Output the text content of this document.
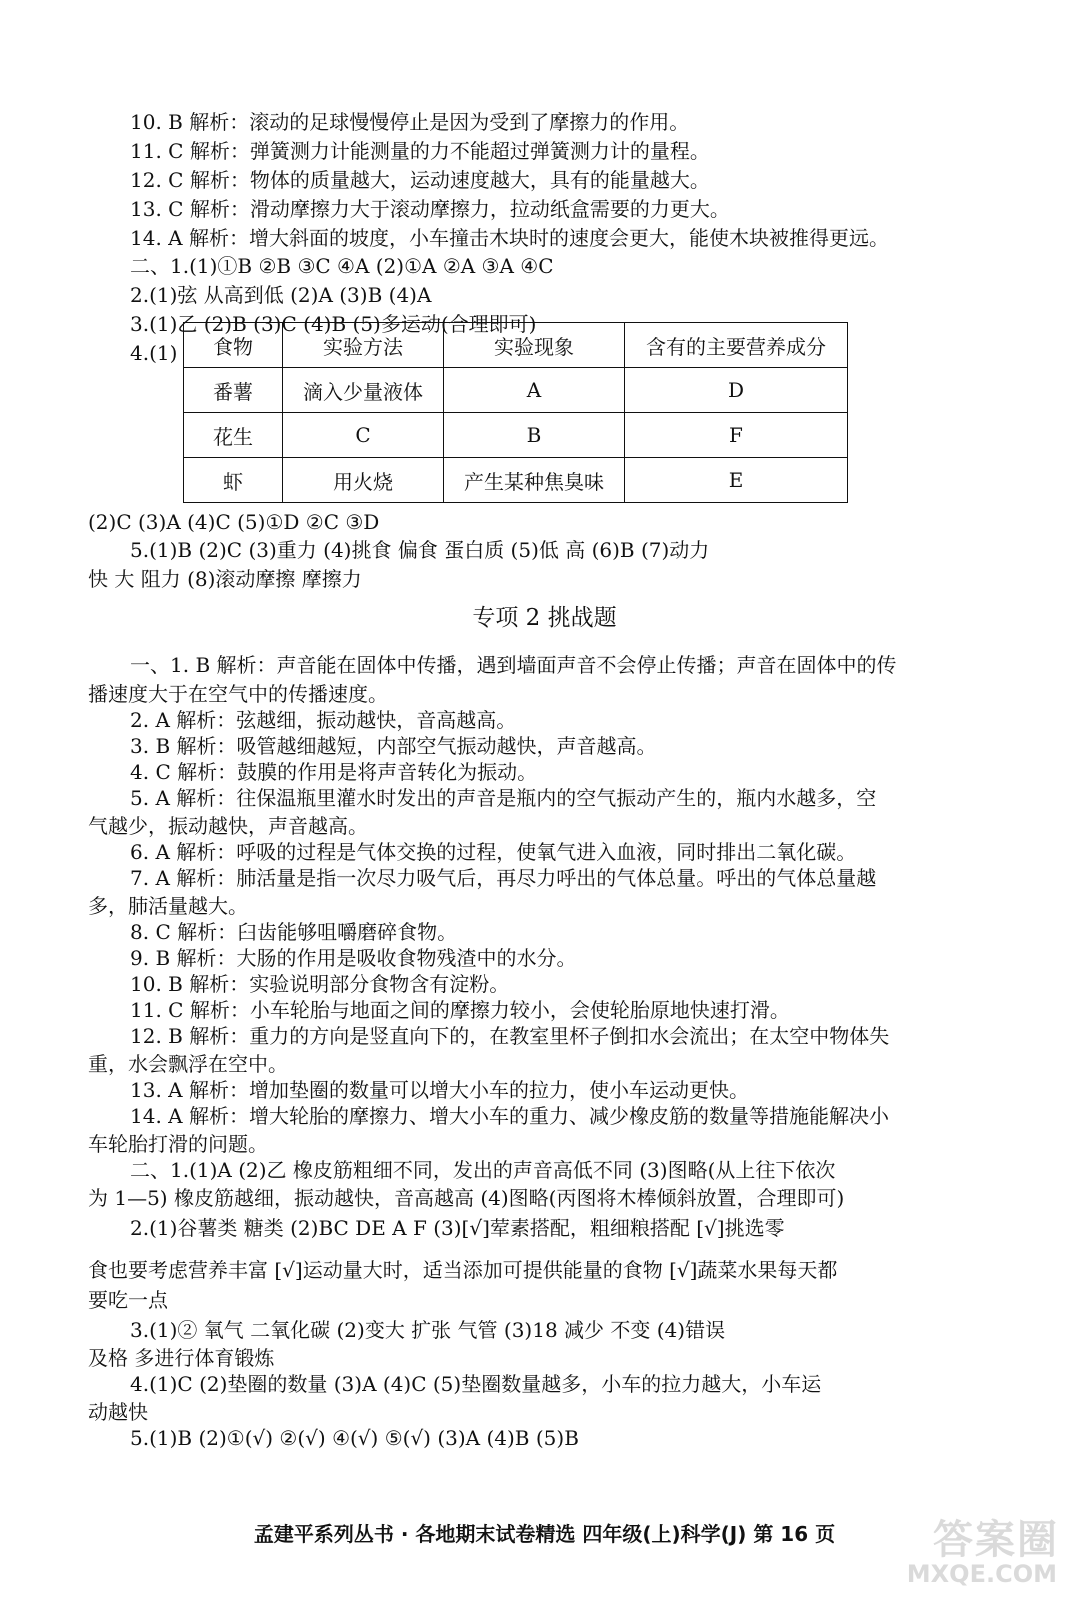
10. B 解析：滚动的足球慢慢停止是因为受到了摩擦力的作用。
11. C 解析：弹簧测力计能测量的力不能超过弹簧测力计的量程。
12. C 解析：物体的质量越大，运动速度越大，具有的能量越大。
13. C 解析：滑动摩擦力大于滚动摩擦力，拉动纸盒需要的力更大。
14. A 解析：增大斜面的坡度，小车撞击木块时的速度会更大，能使木块被推得更远。
二、1.(1)①B ②B ③C ④A (2)①A ②A ③A ④C
2.(1)弦 从高到低 (2)A (3)B (4)A
3.(1)乙 (2)B (3)C (4)B (5)多运动(合理即可)
4.(1)	食物	实验方法	实验现象	含有的主要营养成分
番薯	滴入少量液体	A	D
花生	C	B	F
虾	用火烧	产生某种焦臭味	E
(2)C (3)A (4)C (5)①D ②C ③D
5.(1)B (2)C (3)重力 (4)挑食 偏食 蛋白质 (5)低 高 (6)B (7)动力
快 大 阻力 (8)滚动摩擦 摩擦力
专项 2 挑战题
一、1. B 解析：声音能在固体中传播，遇到墙面声音不会停止传播；声音在固体中的传
播速度大于在空气中的传播速度。
2. A 解析：弦越细，振动越快，音高越高。
3. B 解析：吸管越细越短，内部空气振动越快，声音越高。
4. C 解析：鼓膜的作用是将声音转化为振动。
5. A 解析：往保温瓶里灌水时发出的声音是瓶内的空气振动产生的，瓶内水越多，空
气越少，振动越快，声音越高。
6. A 解析：呼吸的过程是气体交换的过程，使氧气进入血液，同时排出二氧化碳。
7. A 解析：肺活量是指一次尽力吸气后，再尽力呼出的气体总量。呼出的气体总量越
多，肺活量越大。
8. C 解析：臼齿能够咀嚼磨碎食物。
9. B 解析：大肠的作用是吸收食物残渣中的水分。
10. B 解析：实验说明部分食物含有淀粉。
11. C 解析：小车轮胎与地面之间的摩擦力较小，会使轮胎原地快速打滑。
12. B 解析：重力的方向是竖直向下的，在教室里杯子倒扣水会流出；在太空中物体失
重，水会飘浮在空中。
13. A 解析：增加垫圈的数量可以增大小车的拉力，使小车运动更快。
14. A 解析：增大轮胎的摩擦力、增大小车的重力、减少橡皮筋的数量等措施能解决小
车轮胎打滑的问题。
二、1.(1)A (2)乙 橡皮筋粗细不同，发出的声音高低不同 (3)图略(从上往下依次
为 1—5) 橡皮筋越细，振动越快，音高越高 (4)图略(丙图将木棒倾斜放置，合理即可)
2.(1)谷薯类 糖类 (2)BC DE A F (3)[√]荤素搭配，粗细粮搭配 [√]挑选零
食也要考虑营养丰富 [√]运动量大时，适当添加可提供能量的食物 [√]蔬菜水果每天都
要吃一点
3.(1)② 氧气 二氧化碳 (2)变大 扩张 气管 (3)18 减少 不变 (4)错误
及格 多进行体育锻炼
4.(1)C (2)垫圈的数量 (3)A (4)C (5)垫圈数量越多，小车的拉力越大，小车运
动越快
5.(1)B (2)①(√) ②(√) ④(√) ⑤(√) (3)A (4)B (5)B
孟建平系列丛书 · 各地期末试卷精选 四年级(上)科学(J) 第 16 页	答案圈
MXQE.COM
